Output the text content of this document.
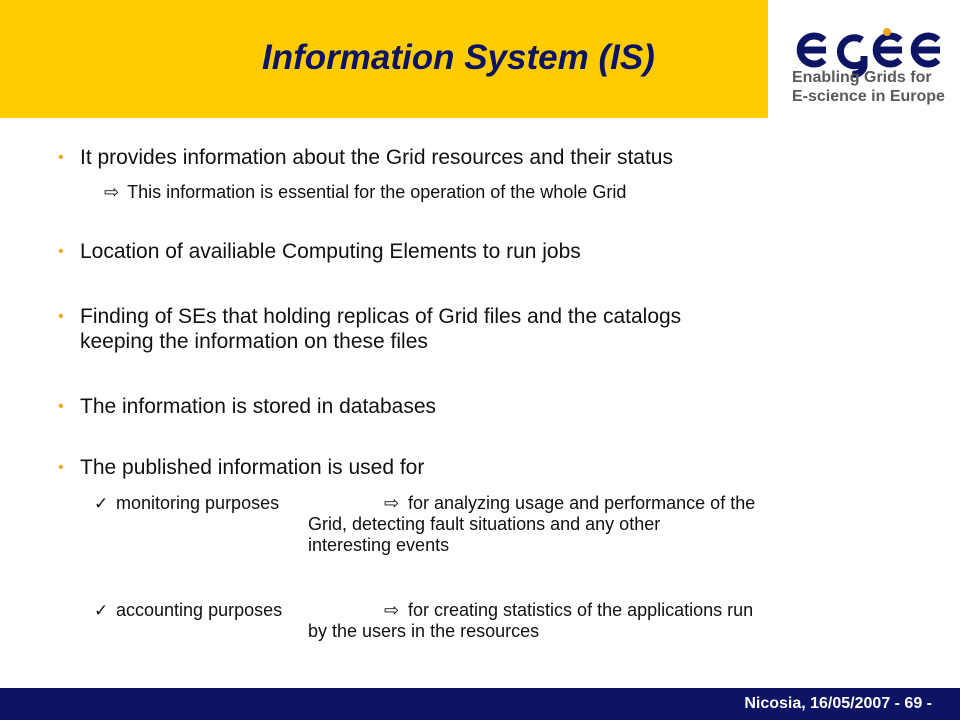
Information System (IS)
Enabling Grids for
E-science in Europe
• It provides information about the Grid resources and their status
⇨ This information is essential for the operation of the whole Grid
• Location of availiable Computing Elements to run jobs
• Finding of SEs that holding replicas of Grid files and the catalogs
keeping the information on these files
• The information is stored in databases
• The published information is used for
✓ monitoring purposes	⇨ for analyzing usage and performance of the
Grid, detecting fault situations and any other
interesting events
✓ accounting purposes	⇨ for creating statistics of the applications run
by the users in the resources
Nicosia, 16/05/2007 - 69 -
